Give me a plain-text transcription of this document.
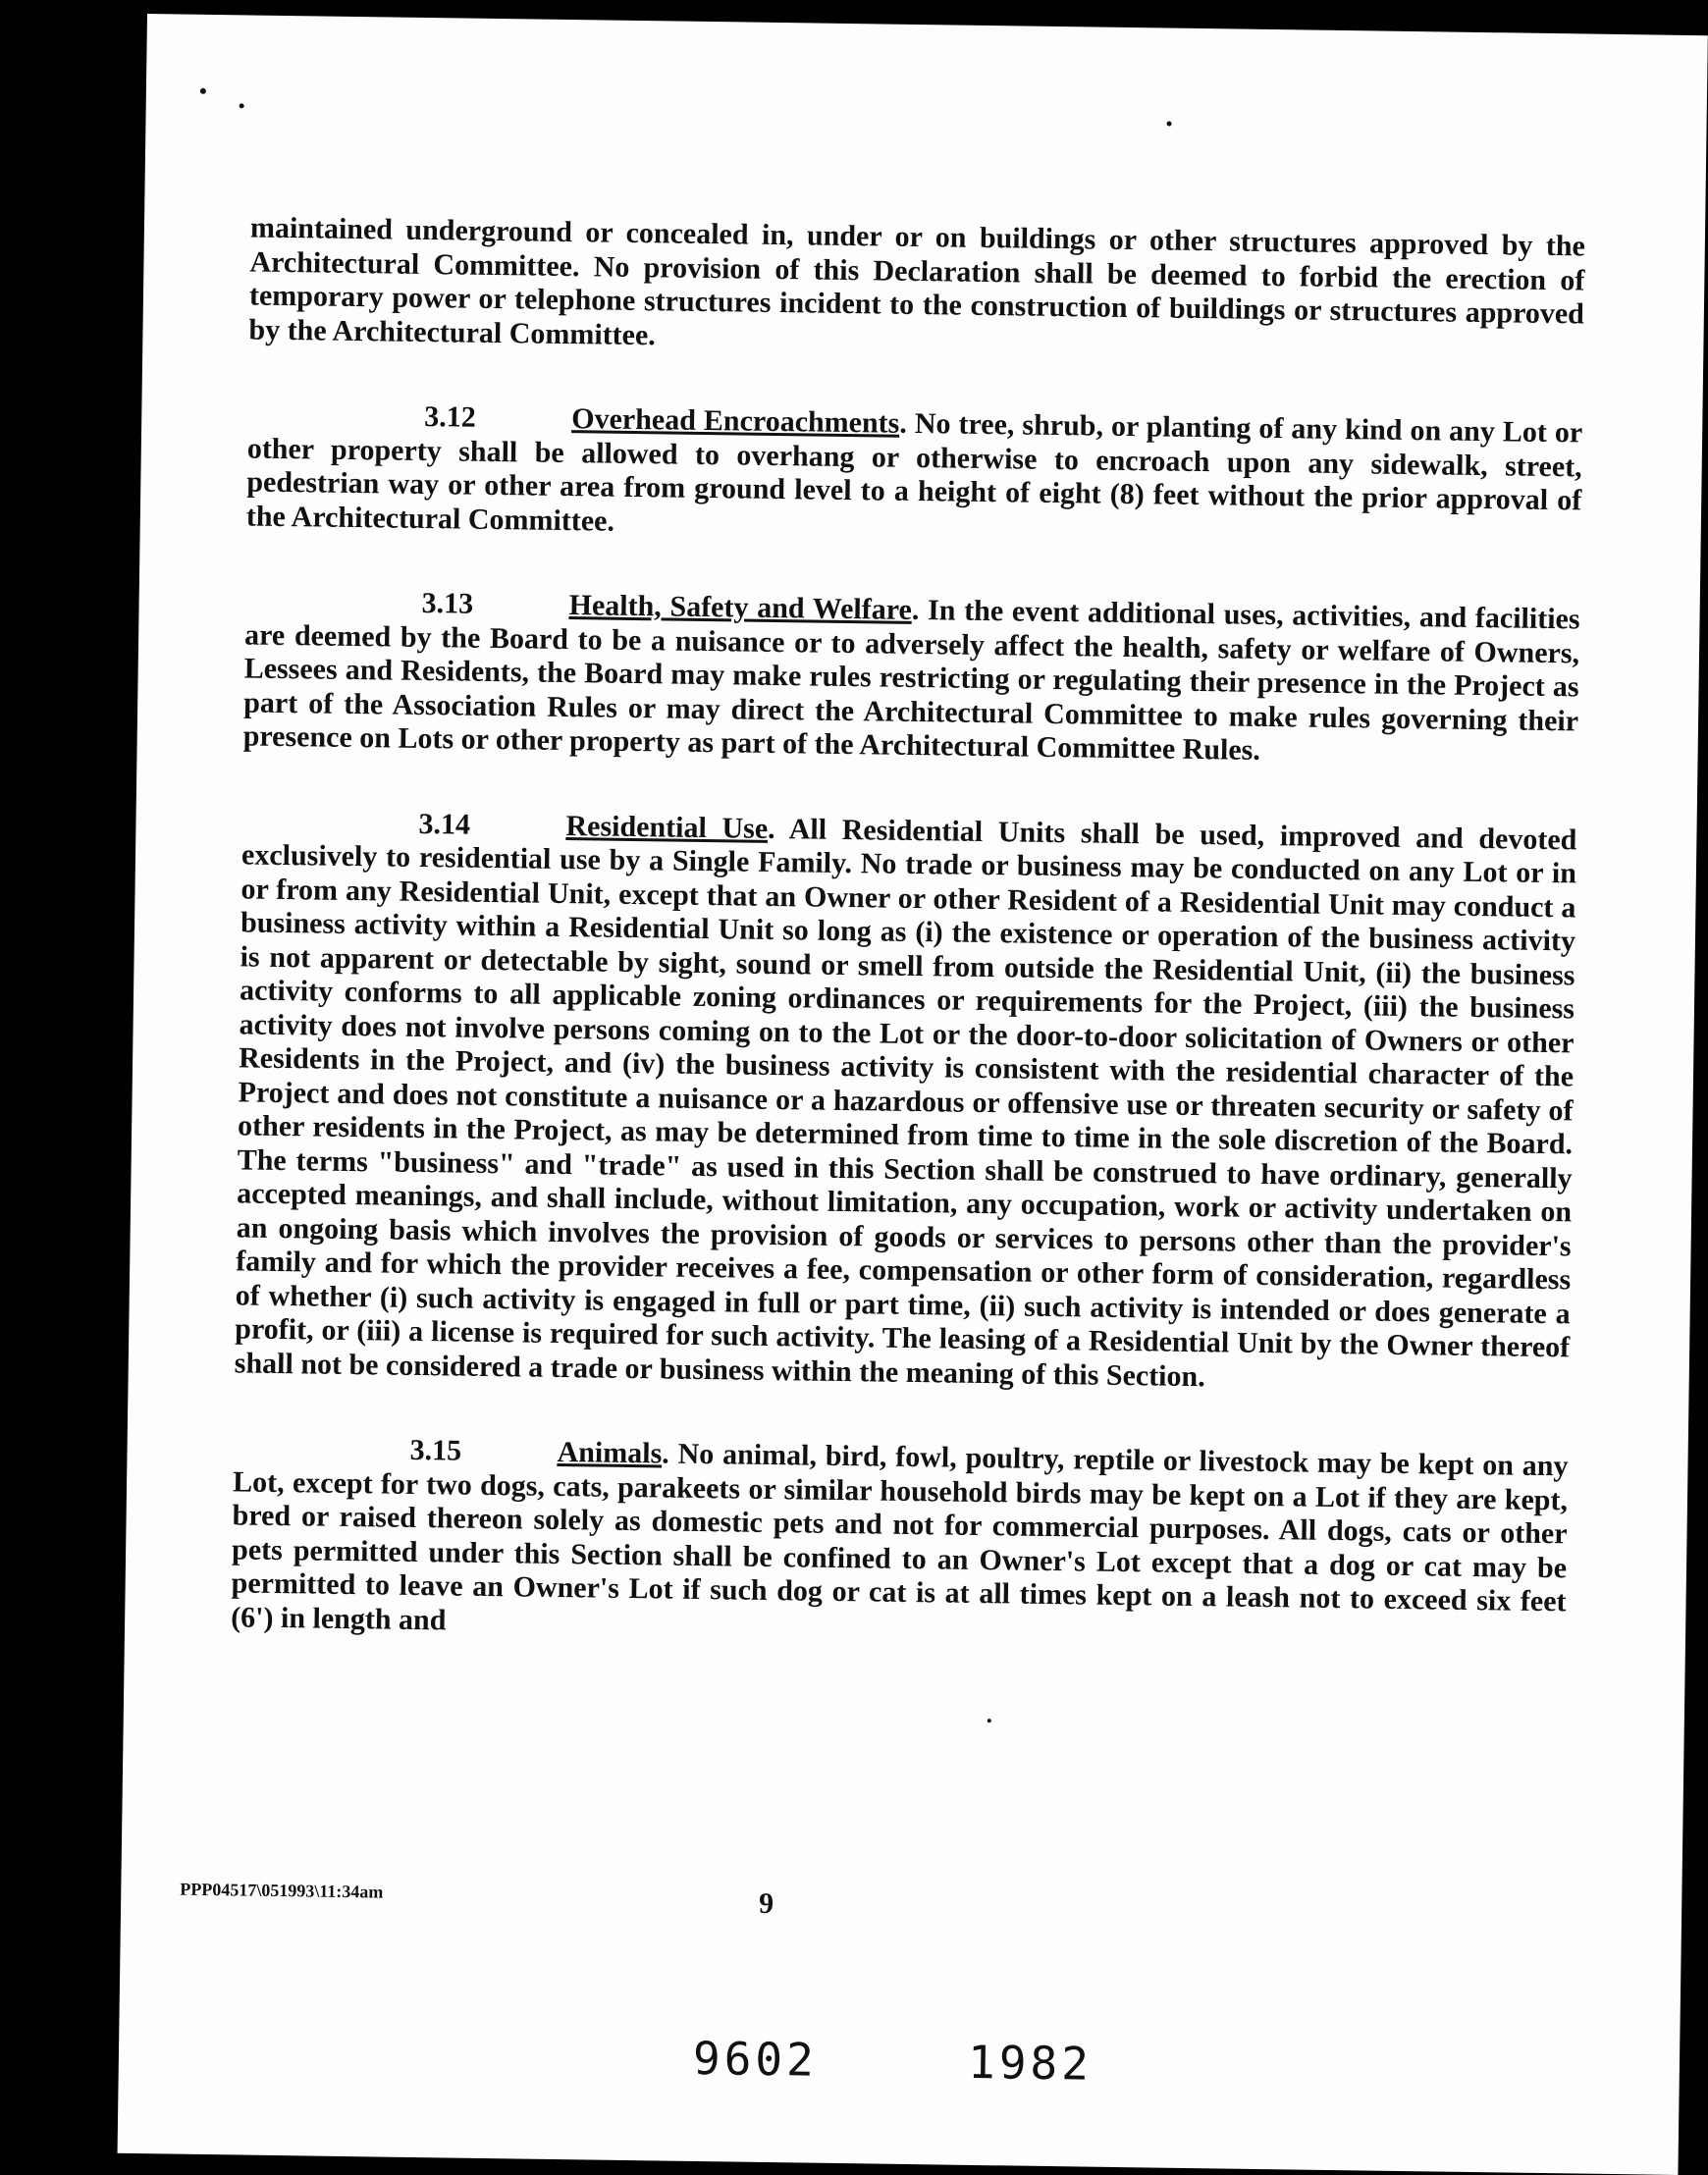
maintained underground or concealed in, under or on buildings or other structures approved by the Architectural Committee. No provision of this Declaration shall be deemed to forbid the erection of temporary power or telephone structures incident to the construction of buildings or structures approved by the Architectural Committee.

3.12	Overhead Encroachments. No tree, shrub, or planting of any kind on any Lot or other property shall be allowed to overhang or otherwise to encroach upon any sidewalk, street, pedestrian way or other area from ground level to a height of eight (8) feet without the prior approval of the Architectural Committee.

3.13	Health, Safety and Welfare. In the event additional uses, activities, and facilities are deemed by the Board to be a nuisance or to adversely affect the health, safety or welfare of Owners, Lessees and Residents, the Board may make rules restricting or regulating their presence in the Project as part of the Association Rules or may direct the Architectural Committee to make rules governing their presence on Lots or other property as part of the Architectural Committee Rules.

3.14	Residential Use. All Residential Units shall be used, improved and devoted exclusively to residential use by a Single Family. No trade or business may be conducted on any Lot or in or from any Residential Unit, except that an Owner or other Resident of a Residential Unit may conduct a business activity within a Residential Unit so long as (i) the existence or operation of the business activity is not apparent or detectable by sight, sound or smell from outside the Residential Unit, (ii) the business activity conforms to all applicable zoning ordinances or requirements for the Project, (iii) the business activity does not involve persons coming on to the Lot or the door-to-door solicitation of Owners or other Residents in the Project, and (iv) the business activity is consistent with the residential character of the Project and does not constitute a nuisance or a hazardous or offensive use or threaten security or safety of other residents in the Project, as may be determined from time to time in the sole discretion of the Board. The terms "business" and "trade" as used in this Section shall be construed to have ordinary, generally accepted meanings, and shall include, without limitation, any occupation, work or activity undertaken on an ongoing basis which involves the provision of goods or services to persons other than the provider's family and for which the provider receives a fee, compensation or other form of consideration, regardless of whether (i) such activity is engaged in full or part time, (ii) such activity is intended or does generate a profit, or (iii) a license is required for such activity. The leasing of a Residential Unit by the Owner thereof shall not be considered a trade or business within the meaning of this Section.

3.15	Animals. No animal, bird, fowl, poultry, reptile or livestock may be kept on any Lot, except for two dogs, cats, parakeets or similar household birds may be kept on a Lot if they are kept, bred or raised thereon solely as domestic pets and not for commercial purposes. All dogs, cats or other pets permitted under this Section shall be confined to an Owner's Lot except that a dog or cat may be permitted to leave an Owner's Lot if such dog or cat is at all times kept on a leash not to exceed six feet (6') in length and

PPP04517\051993\11:34am	9
9602	1982
